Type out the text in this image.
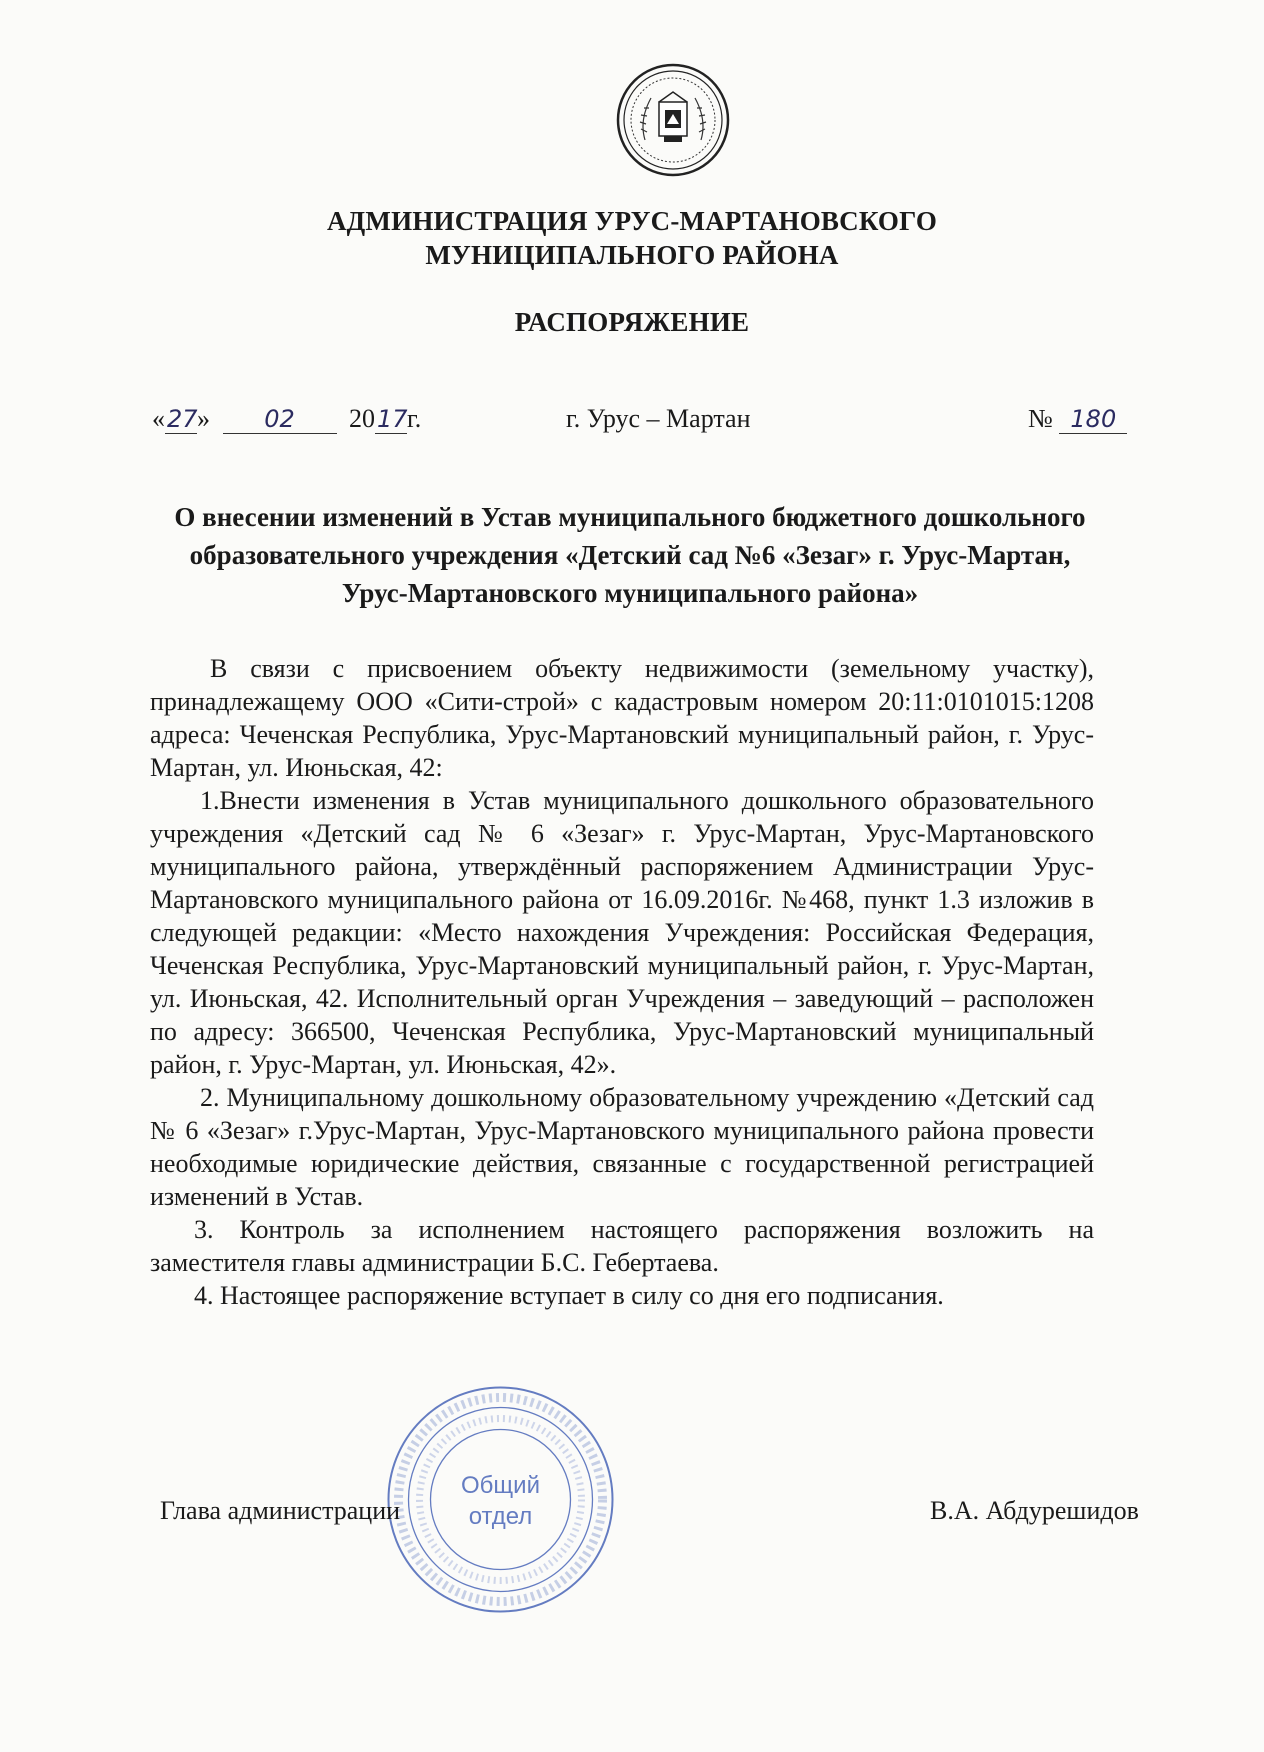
АДМИНИСТРАЦИЯ УРУС-МАРТАНОВСКОГО
МУНИЦИПАЛЬНОГО РАЙОНА
РАСПОРЯЖЕНИЕ
«27» 02 2017г.	г. Урус – Мартан	№ 180
О внесении изменений в Устав муниципального бюджетного дошкольного
образовательного учреждения «Детский сад №6 «Зезаг» г. Урус-Мартан,
Урус-Мартановского муниципального района»

В связи с присвоением объекту недвижимости (земельному участку), принадлежащему ООО «Сити-строй» с кадастровым номером 20:11:0101015:1208 адреса: Чеченская Республика, Урус-Мартановский муниципальный район, г. Урус-Мартан, ул. Июньская, 42:

1.Внести изменения в Устав муниципального дошкольного образовательного учреждения «Детский сад № 6 «Зезаг» г. Урус-Мартан, Урус-Мартановского муниципального района, утверждённый распоряжением Администрации Урус-Мартановского муниципального района от 16.09.2016г. №468, пункт 1.3 изложив в следующей редакции: «Место нахождения Учреждения: Российская Федерация, Чеченская Республика, Урус-Мартановский муниципальный район, г. Урус-Мартан, ул. Июньская, 42. Исполнительный орган Учреждения – заведующий – расположен по адресу: 366500, Чеченская Республика, Урус-Мартановский муниципальный район, г. Урус-Мартан, ул. Июньская, 42».

2. Муниципальному дошкольному образовательному учреждению «Детский сад № 6 «Зезаг» г.Урус-Мартан, Урус-Мартановского муниципального района провести необходимые юридические действия, связанные с государственной регистрацией изменений в Устав.

3. Контроль за исполнением настоящего распоряжения возложить на заместителя главы администрации Б.С. Гебертаева.

4. Настоящее распоряжение вступает в силу со дня его подписания.

Общий
отдел
Глава администрации	В.А. Абдурешидов
